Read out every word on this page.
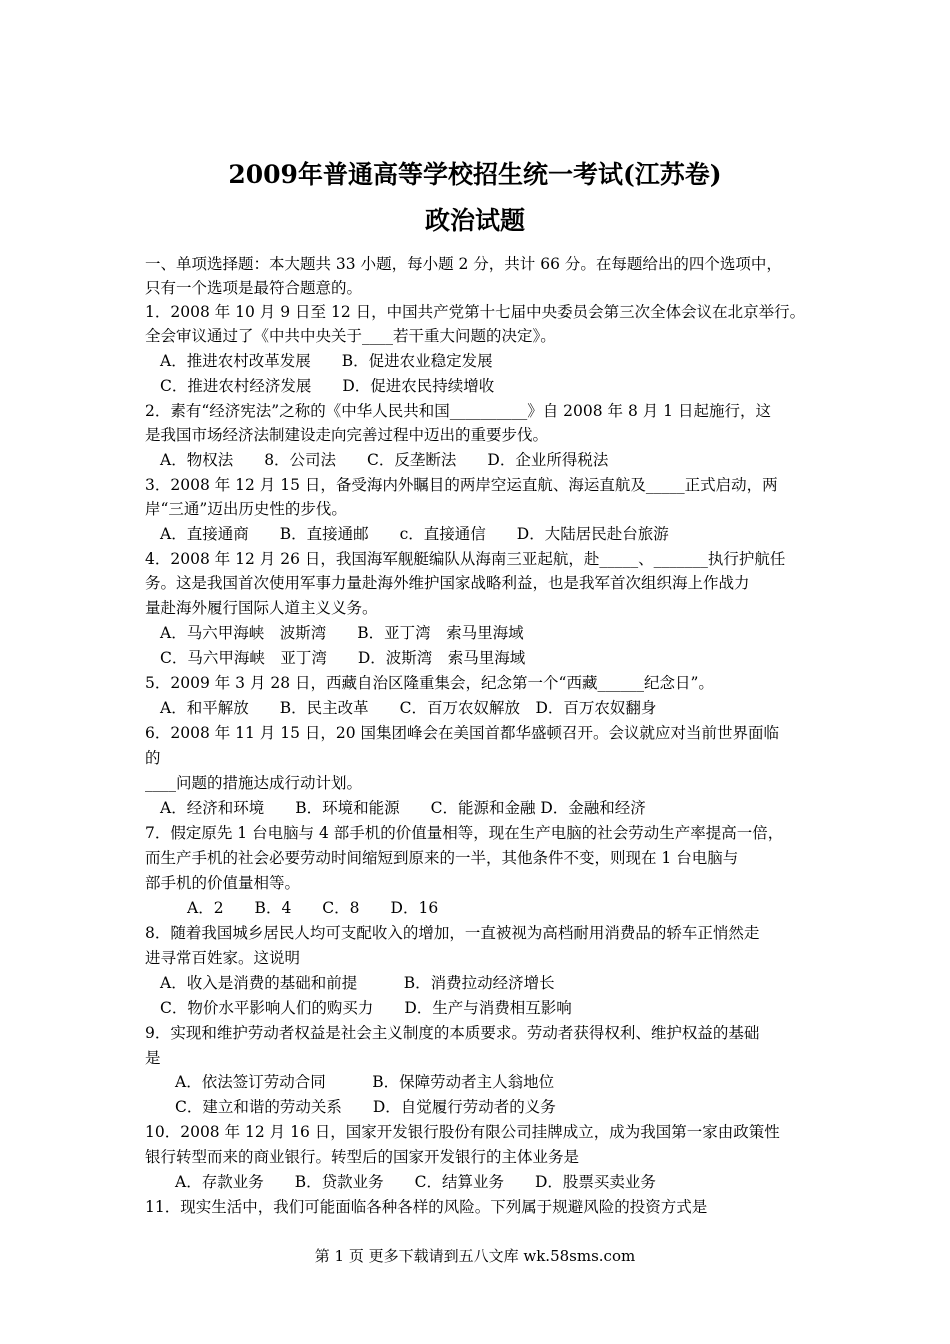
2009年普通高等学校招生统一考试(江苏卷)
政治试题
一、单项选择题：本大题共 33 小题，每小题 2 分，共计 66 分。在每题给出的四个选项中，
只有一个选项是最符合题意的。
1．2008 年 10 月 9 日至 12 日，中国共产党第十七届中央委员会第三次全体会议在北京举行。
全会审议通过了《中共中央关于____若干重大问题的决定》。
A．推进农村改革发展　　B．促进农业稳定发展
C．推进农村经济发展　　D．促进农民持续增收
2．素有“经济宪法”之称的《中华人民共和国__________》自 2008 年 8 月 1 日起施行，这
是我国市场经济法制建设走向完善过程中迈出的重要步伐。
A．物权法　　8．公司法　　C．反垄断法　　D．企业所得税法
3．2008 年 12 月 15 日，备受海内外瞩目的两岸空运直航、海运直航及_____正式启动，两
岸“三通”迈出历史性的步伐。
A．直接通商　　B．直接通邮　　c．直接通信　　D．大陆居民赴台旅游
4．2008 年 12 月 26 日，我国海军舰艇编队从海南三亚起航，赴_____、_______执行护航任
务。这是我国首次使用军事力量赴海外维护国家战略利益，也是我军首次组织海上作战力
量赴海外履行国际人道主义义务。
A．马六甲海峡　波斯湾　　B．亚丁湾　索马里海域
C．马六甲海峡　亚丁湾　　D．波斯湾　索马里海域
5．2009 年 3 月 28 日，西藏自治区隆重集会，纪念第一个“西藏______纪念日”。
A．和平解放　　B．民主改革　　C．百万农奴解放　D．百万农奴翻身
6．2008 年 11 月 15 日，20 国集团峰会在美国首都华盛顿召开。会议就应对当前世界面临
的
____问题的措施达成行动计划。
A．经济和环境　　B．环境和能源　　C．能源和金融 D．金融和经济
7．假定原先 1 台电脑与 4 部手机的价值量相等，现在生产电脑的社会劳动生产率提高一倍，
而生产手机的社会必要劳动时间缩短到原来的一半，其他条件不变，则现在 1 台电脑与
部手机的价值量相等。
A．2　　B．4　　C．8　　D．16
8．随着我国城乡居民人均可支配收入的增加，一直被视为高档耐用消费品的轿车正悄然走
进寻常百姓家。这说明
A．收入是消费的基础和前提　　　B．消费拉动经济增长
C．物价水平影响人们的购买力　　D．生产与消费相互影响
9．实现和维护劳动者权益是社会主义制度的本质要求。劳动者获得权利、维护权益的基础
是
A．依法签订劳动合同　　　B．保障劳动者主人翁地位
C．建立和谐的劳动关系　　D．自觉履行劳动者的义务
10．2008 年 12 月 16 日，国家开发银行股份有限公司挂牌成立，成为我国第一家由政策性
银行转型而来的商业银行。转型后的国家开发银行的主体业务是
A．存款业务　　B．贷款业务　　C．结算业务　　D．股票买卖业务
11．现实生活中，我们可能面临各种各样的风险。下列属于规避风险的投资方式是
第 1 页 更多下载请到五八文库 wk.58sms.com
